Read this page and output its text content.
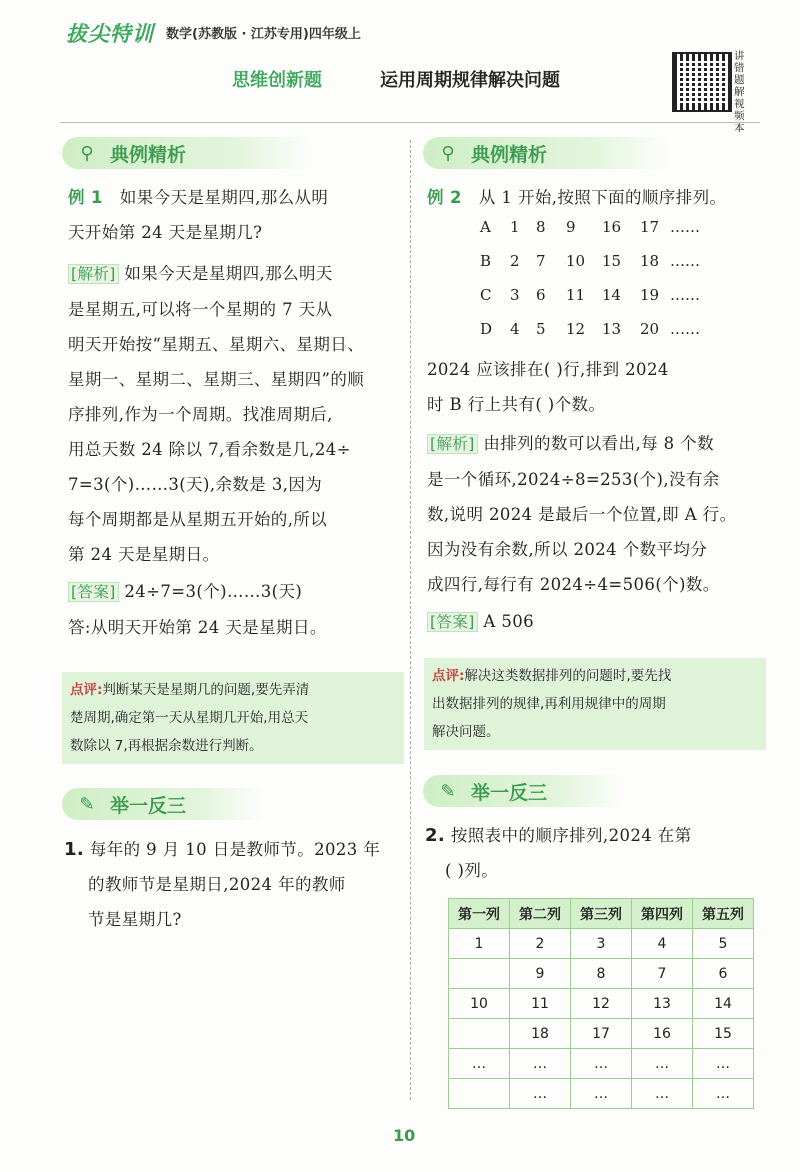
拔尖特训 数学(苏教版 · 江苏专用)四年级上
思维创新题	运用周期规律解决问题
讲错题解视频本
⚲ 典例精析
例 1 如果今天是星期四,那么从明
天开始第 24 天是星期几?
[解析] 如果今天是星期四,那么明天
是星期五,可以将一个星期的 7 天从
明天开始按“星期五、星期六、星期日、
星期一、星期二、星期三、星期四”的顺
序排列,作为一个周期。找准周期后,
用总天数 24 除以 7,看余数是几,24÷
7=3(个)……3(天),余数是 3,因为
每个周期都是从星期五开始的,所以
第 24 天是星期日。
[答案] 24÷7=3(个)……3(天)
答:从明天开始第 24 天是星期日。
点评:判断某天是星期几的问题,要先弄清
楚周期,确定第一天从星期几开始,用总天
数除以 7,再根据余数进行判断。
✎ 举一反三
1. 每年的 9 月 10 日是教师节。2023 年
的教师节是星期日,2024 年的教师
节是星期几?
⚲ 典例精析
例 2 从 1 开始,按照下面的顺序排列。
A 1 8 9 16 17 ……
B 2 7 10 15 18 ……
C 3 6 11 14 19 ……
D 4 5 12 13 20 ……
2024 应该排在( )行,排到 2024
时 B 行上共有( )个数。
[解析] 由排列的数可以看出,每 8 个数
是一个循环,2024÷8=253(个),没有余
数,说明 2024 是最后一个位置,即 A 行。
因为没有余数,所以 2024 个数平均分
成四行,每行有 2024÷4=506(个)数。
[答案] A 506
点评:解决这类数据排列的问题时,要先找
出数据排列的规律,再利用规律中的周期
解决问题。
✎ 举一反三
2. 按照表中的顺序排列,2024 在第
( )列。
第一列	第二列	第三列	第四列	第五列
1	2	3	4	5
	9	8	7	6
10	11	12	13	14
	18	17	16	15
…	…	…	…	…
	…	…	…	…
10
